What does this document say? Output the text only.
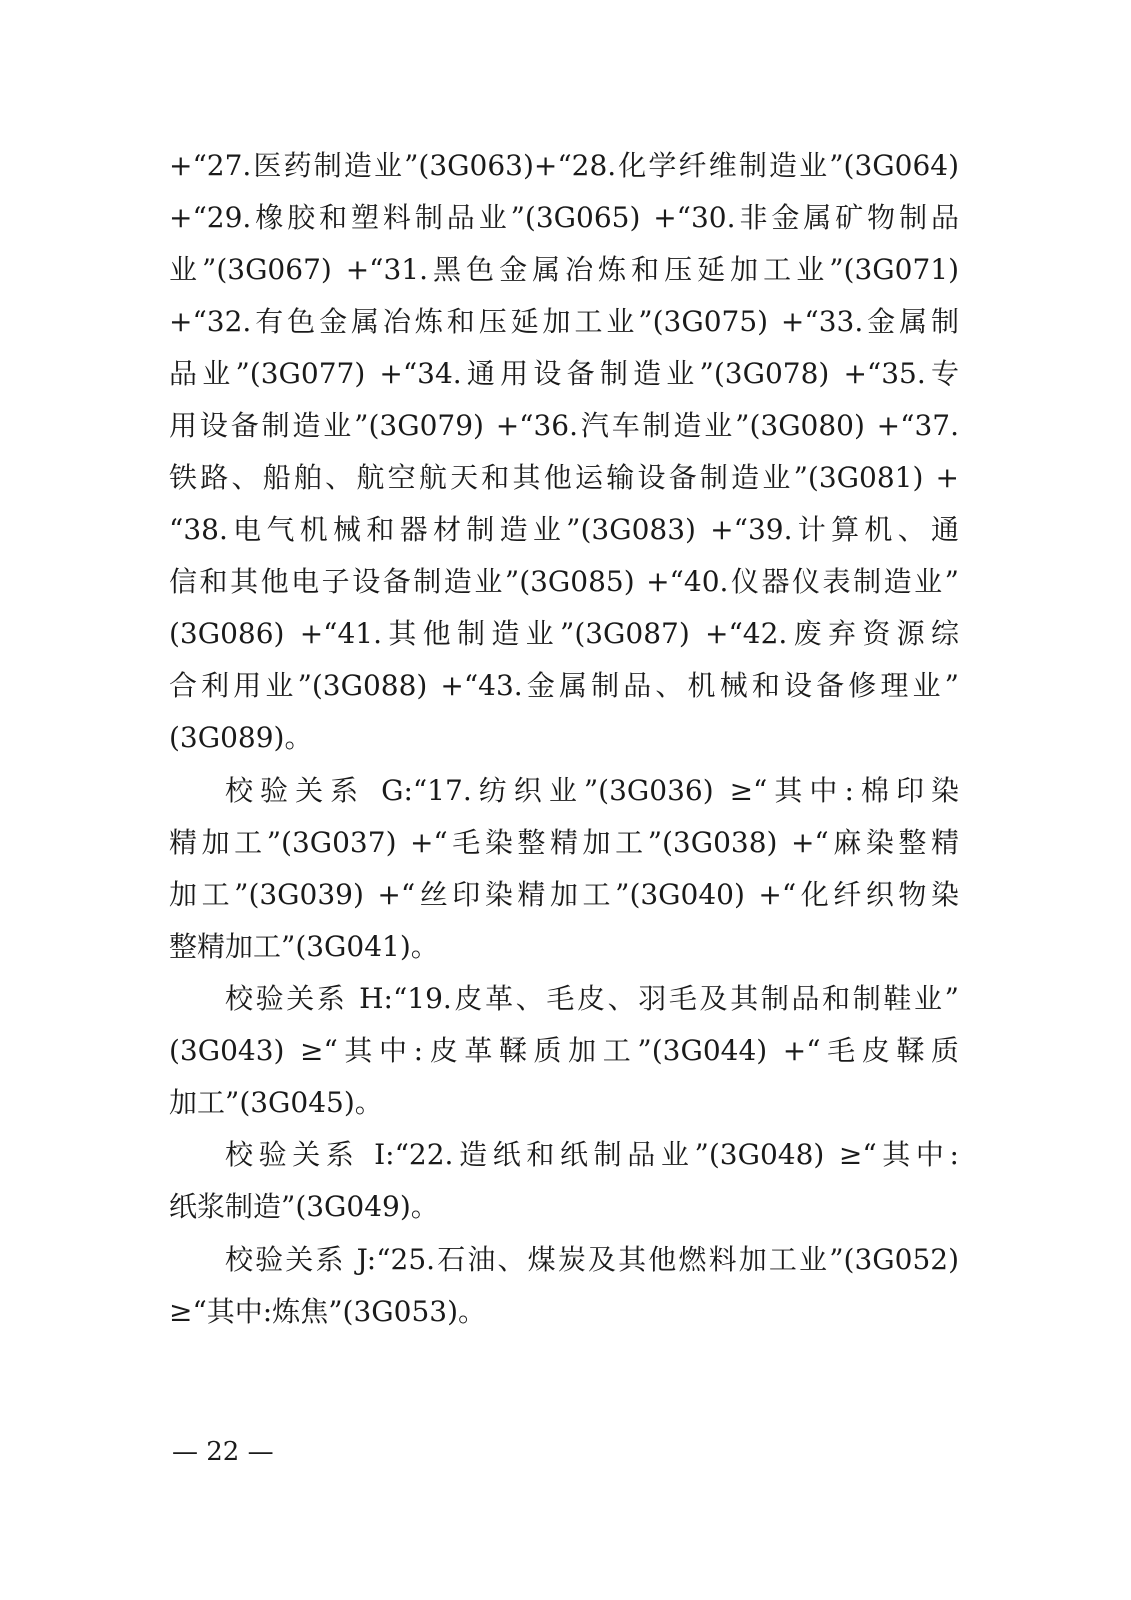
+“27.医药制造业”(3G063)+“28.化学纤维制造业”(3G064)
+“29.橡胶和塑料制品业”(3G065) +“30.非金属矿物制品
业”(3G067) +“31.黑色金属冶炼和压延加工业”(3G071)
+“32.有色金属冶炼和压延加工业”(3G075) +“33.金属制
品业”(3G077) +“34.通用设备制造业”(3G078) +“35.专
用设备制造业”(3G079) +“36.汽车制造业”(3G080) +“37.
铁路、船舶、航空航天和其他运输设备制造业”(3G081) +
“38.电气机械和器材制造业”(3G083) +“39.计算机、通
信和其他电子设备制造业”(3G085) +“40.仪器仪表制造业”
(3G086) +“41.其他制造业”(3G087) +“42.废弃资源综
合利用业”(3G088) +“43.金属制品、机械和设备修理业”
(3G089)。
校验关系 G:“17.纺织业”(3G036) ≥“其中:棉印染
精加工”(3G037) +“毛染整精加工”(3G038) +“麻染整精
加工”(3G039) +“丝印染精加工”(3G040) +“化纤织物染
整精加工”(3G041)。
校验关系 H:“19.皮革、毛皮、羽毛及其制品和制鞋业”
(3G043) ≥“其中:皮革鞣质加工”(3G044) +“毛皮鞣质
加工”(3G045)。
校验关系 I:“22.造纸和纸制品业”(3G048) ≥“其中:
纸浆制造”(3G049)。
校验关系 J:“25.石油、煤炭及其他燃料加工业”(3G052)
≥“其中:炼焦”(3G053)。
— 22 —
